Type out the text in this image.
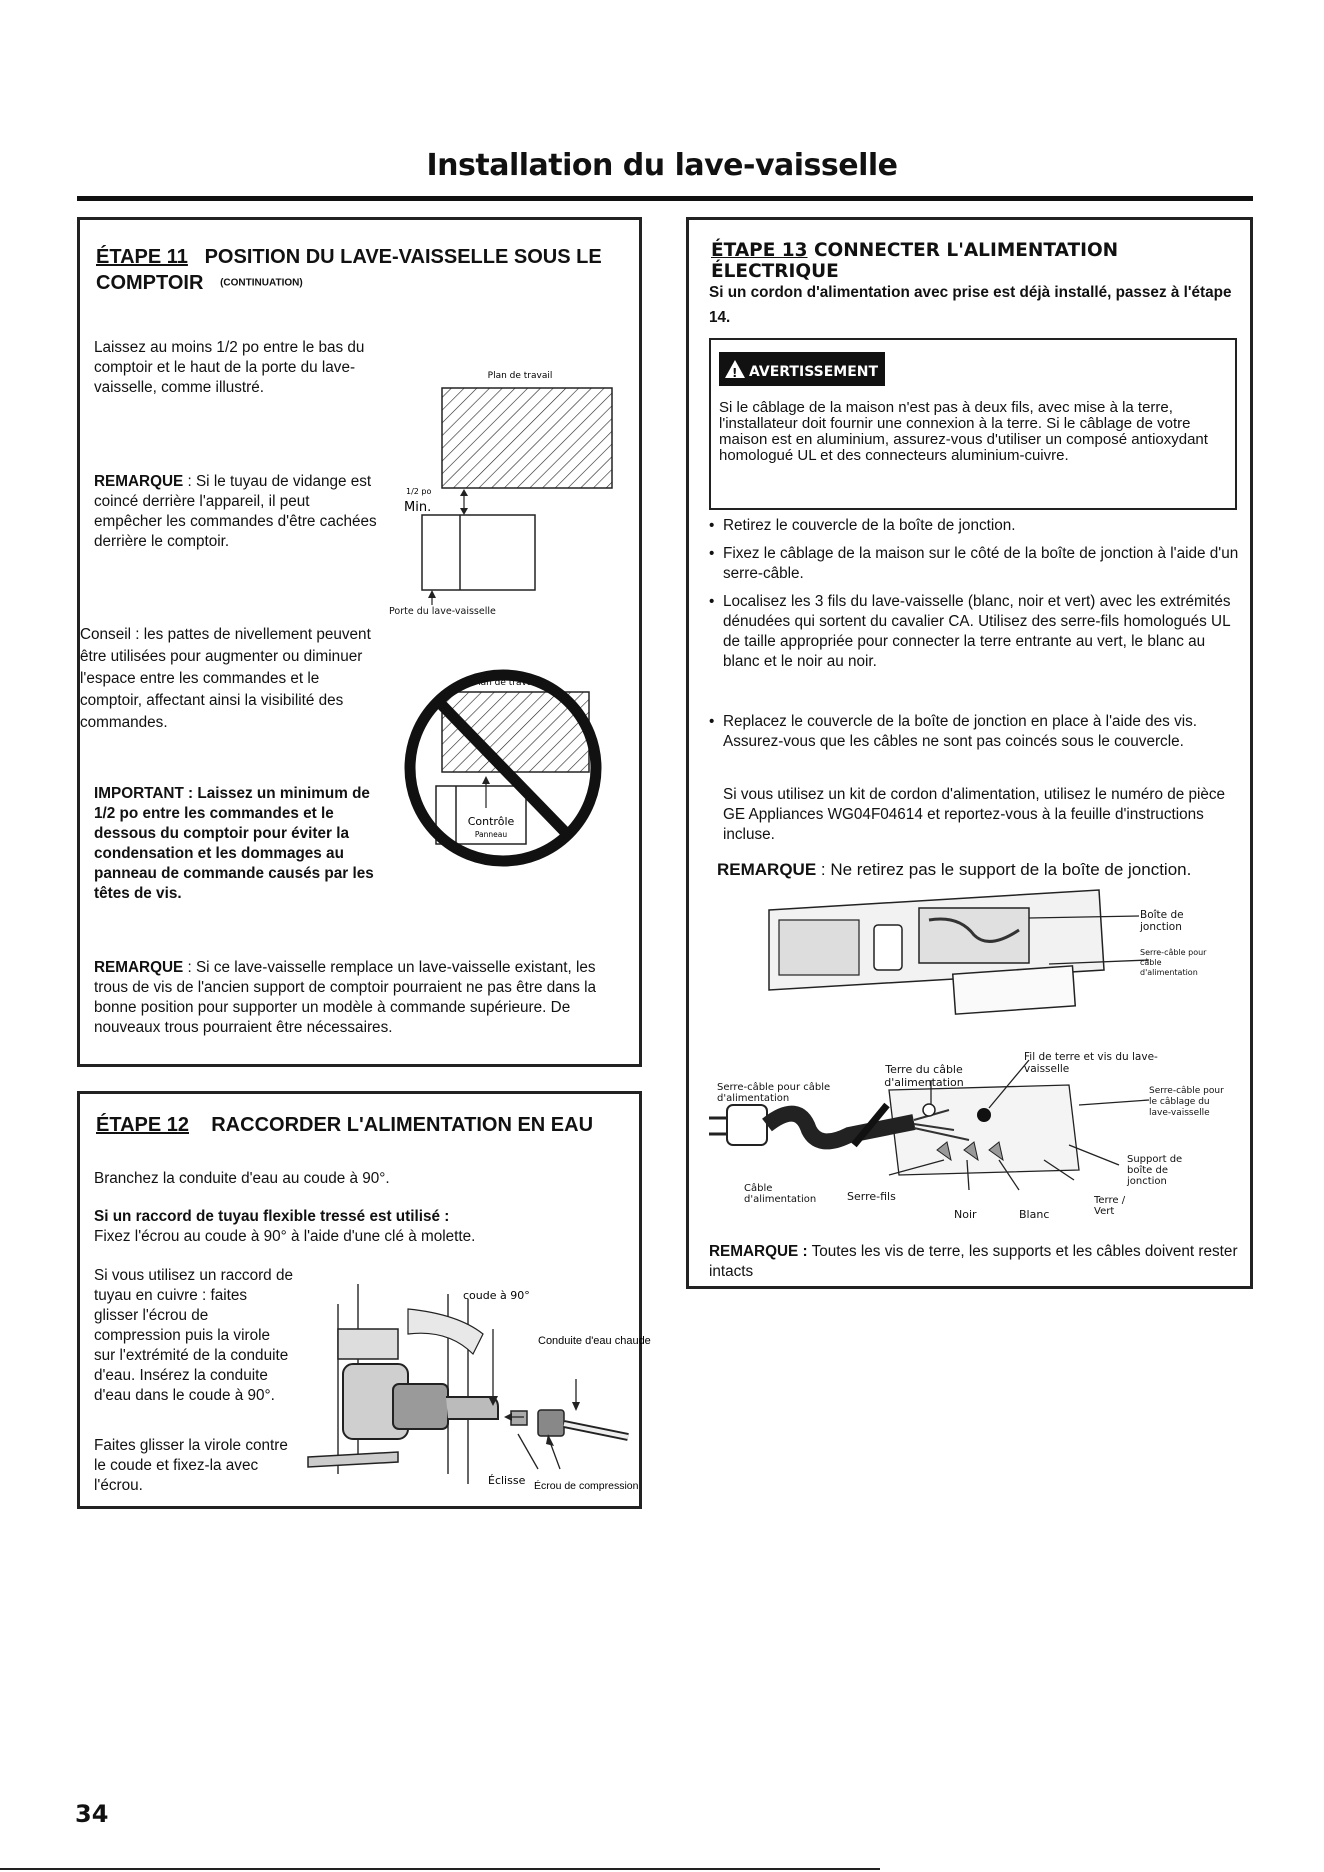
Installation du lave-vaisselle
ÉTAPE 11 POSITION DU LAVE-VAISSELLE SOUS LE
COMPTOIR (CONTINUATION)
Laissez au moins 1/2 po entre le bas du comptoir et le haut de la porte du lave-vaisselle, comme illustré.
REMARQUE : Si le tuyau de vidange est coincé derrière l'appareil, il peut empêcher les commandes d'être cachées derrière le comptoir.
Conseil : les pattes de nivellement peuvent être utilisées pour augmenter ou diminuer l'espace entre les commandes et le comptoir, affectant ainsi la visibilité des commandes.
IMPORTANT : Laissez un minimum de 1/2 po entre les commandes et le dessous du comptoir pour éviter la condensation et les dommages au panneau de commande causés par les têtes de vis.
REMARQUE : Si ce lave-vaisselle remplace un lave-vaisselle existant, les trous de vis de l'ancien support de comptoir pourraient ne pas être dans la bonne position pour supporter un modèle à commande supérieure. De nouveaux trous pourraient être nécessaires.
Plan de travail
1/2 po
Min.
Porte du lave-vaisselle
Plan de travail
Contrôle
Panneau
ÉTAPE 12 RACCORDER L'ALIMENTATION EN EAU
Branchez la conduite d'eau au coude à 90°.
Si un raccord de tuyau flexible tressé est utilisé :
Fixez l'écrou au coude à 90° à l'aide d'une clé à molette.
Si vous utilisez un raccord de tuyau en cuivre : faites glisser l'écrou de compression puis la virole sur l'extrémité de la conduite d'eau. Insérez la conduite d'eau dans le coude à 90°.
Faites glisser la virole contre le coude et fixez-la avec l'écrou.
coude à 90°
Conduite d'eau chaude
Éclisse Écrou de compression
ÉTAPE 13 CONNECTER L'ALIMENTATION ÉLECTRIQUE
Si un cordon d'alimentation avec prise est déjà installé, passez à l'étape 14.
!AVERTISSEMENT
Si le câblage de la maison n'est pas à deux fils, avec mise à la terre, l'installateur doit fournir une connexion à la terre. Si le câblage de votre maison est en aluminium, assurez-vous d'utiliser un composé antioxydant homologué UL et des connecteurs aluminium-cuivre.
• Retirez le couvercle de la boîte de jonction.
• Fixez le câblage de la maison sur le côté de la boîte de jonction à l'aide d'un serre-câble.
• Localisez les 3 fils du lave-vaisselle (blanc, noir et vert) avec les extrémités dénudées qui sortent du cavalier CA. Utilisez des serre-fils homologués UL de taille appropriée pour connecter la terre entrante au vert, le blanc au blanc et le noir au noir.
• Replacez le couvercle de la boîte de jonction en place à l'aide des vis. Assurez-vous que les câbles ne sont pas coincés sous le couvercle.
Si vous utilisez un kit de cordon d'alimentation, utilisez le numéro de pièce GE Appliances WG04F04614 et reportez-vous à la feuille d'instructions incluse.
REMARQUE : Ne retirez pas le support de la boîte de jonction.
Boîte de jonction
Serre-câble pour câble d'alimentation
Fil de terre et vis du lave-vaisselle
Terre du câble d'alimentation
Serre-câble pour câble d'alimentation
Serre-câble pour le câblage du lave-vaisselle
Support de boîte de jonction
Câble d'alimentation	Serre-fils
Noir	Blanc
Terre / Vert
REMARQUE : Toutes les vis de terre, les supports et les câbles doivent rester intacts
34
